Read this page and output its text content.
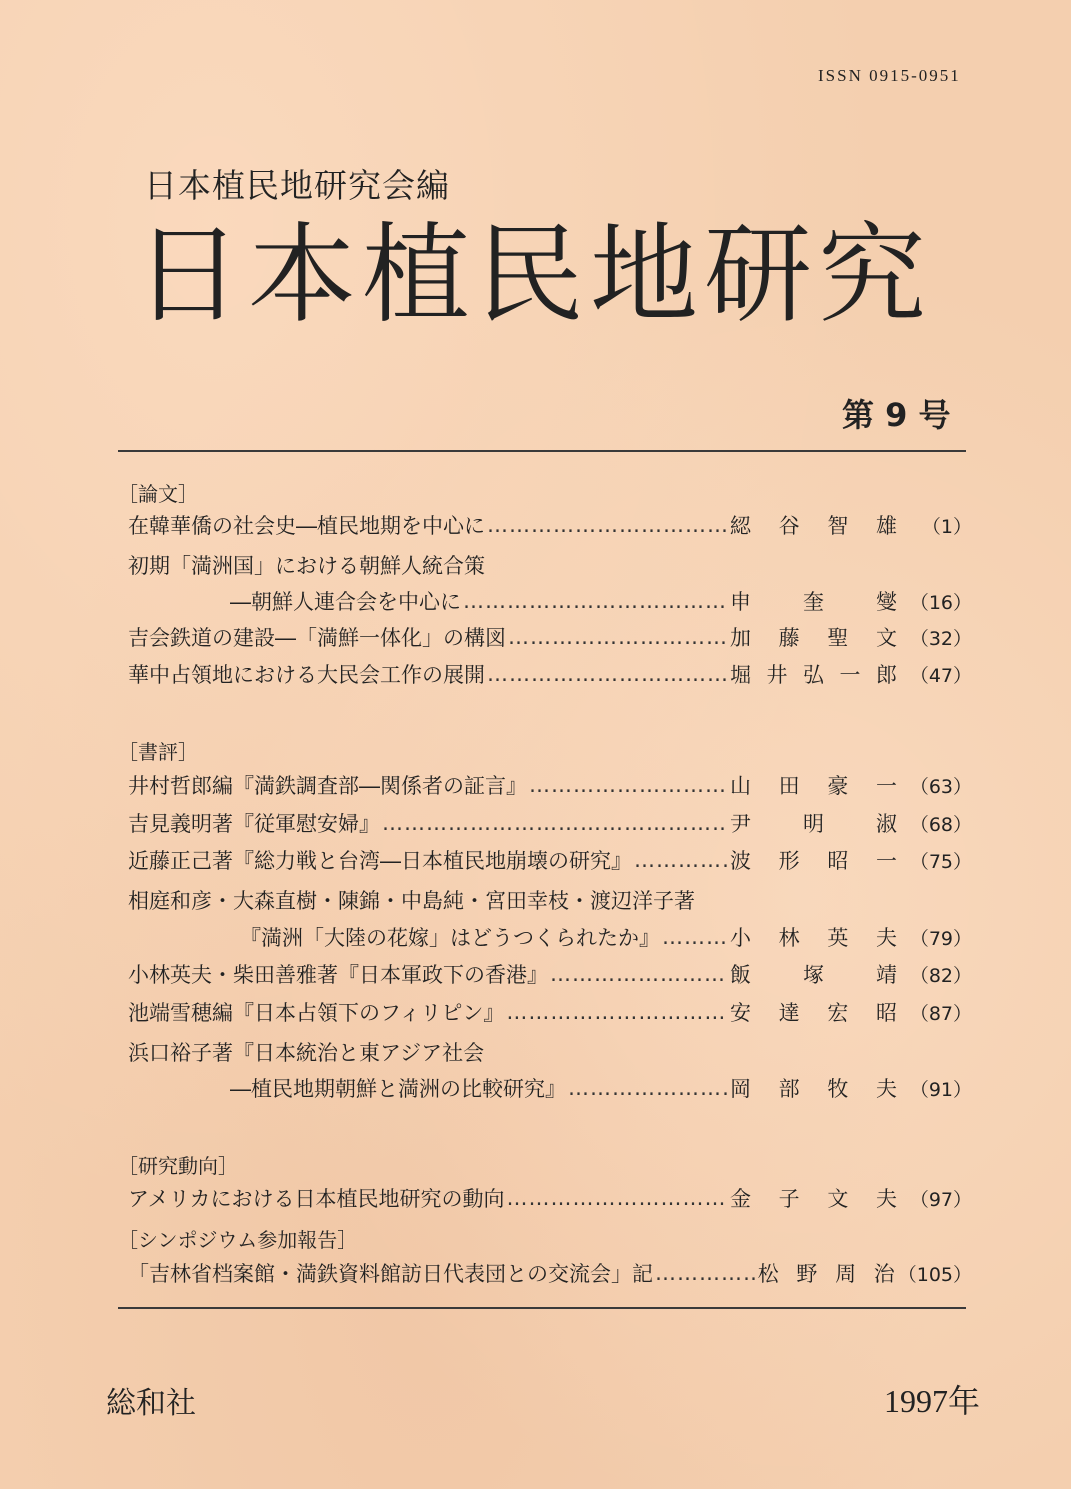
ISSN 0915-0951
日本植民地研究会編
日本植民地研究
第 9 号
［論文］
在韓華僑の社会史―植民地期を中心に …………………………………………………………………………………………………………………	綛谷智雄	（1）
初期「満洲国」における朝鮮人統合策
―朝鮮人連合会を中心に …………………………………………………………………………………………………………………	申奎燮 （16）
吉会鉄道の建設―「満鮮一体化」の構図 …………………………………………………………………………………………………………………	加藤聖文 （32）
華中占領地における大民会工作の展開 …………………………………………………………………………………………………………………	堀井弘一郎 （47）
［書評］
井村哲郎編『満鉄調査部―関係者の証言』 …………………………………………………………………………………………………………………	山田豪一 （63）
吉見義明著『従軍慰安婦』 …………………………………………………………………………………………………………………	尹明淑 （68）
近藤正己著『総力戦と台湾―日本植民地崩壊の研究』 …………………………………………………………………………………………………………………	波形昭一 （75）
相庭和彦・大森直樹・陳錦・中島純・宮田幸枝・渡辺洋子著
『満洲「大陸の花嫁」はどうつくられたか』 …………………………………………………………………………………………………………………	小林英夫 （79）
小林英夫・柴田善雅著『日本軍政下の香港』 …………………………………………………………………………………………………………………	飯塚靖 （82）
池端雪穂編『日本占領下のフィリピン』 …………………………………………………………………………………………………………………	安達宏昭 （87）
浜口裕子著『日本統治と東アジア社会
―植民地期朝鮮と満洲の比較研究』 …………………………………………………………………………………………………………………	岡部牧夫 （91）
［研究動向］
アメリカにおける日本植民地研究の動向 …………………………………………………………………………………………………………………	金子文夫 （97）
［シンポジウム参加報告］
「吉林省档案館・満鉄資料館訪日代表団との交流会」記 …………………………………………………………………………………………………………………	松野周治 （105）
総和社	1997年
